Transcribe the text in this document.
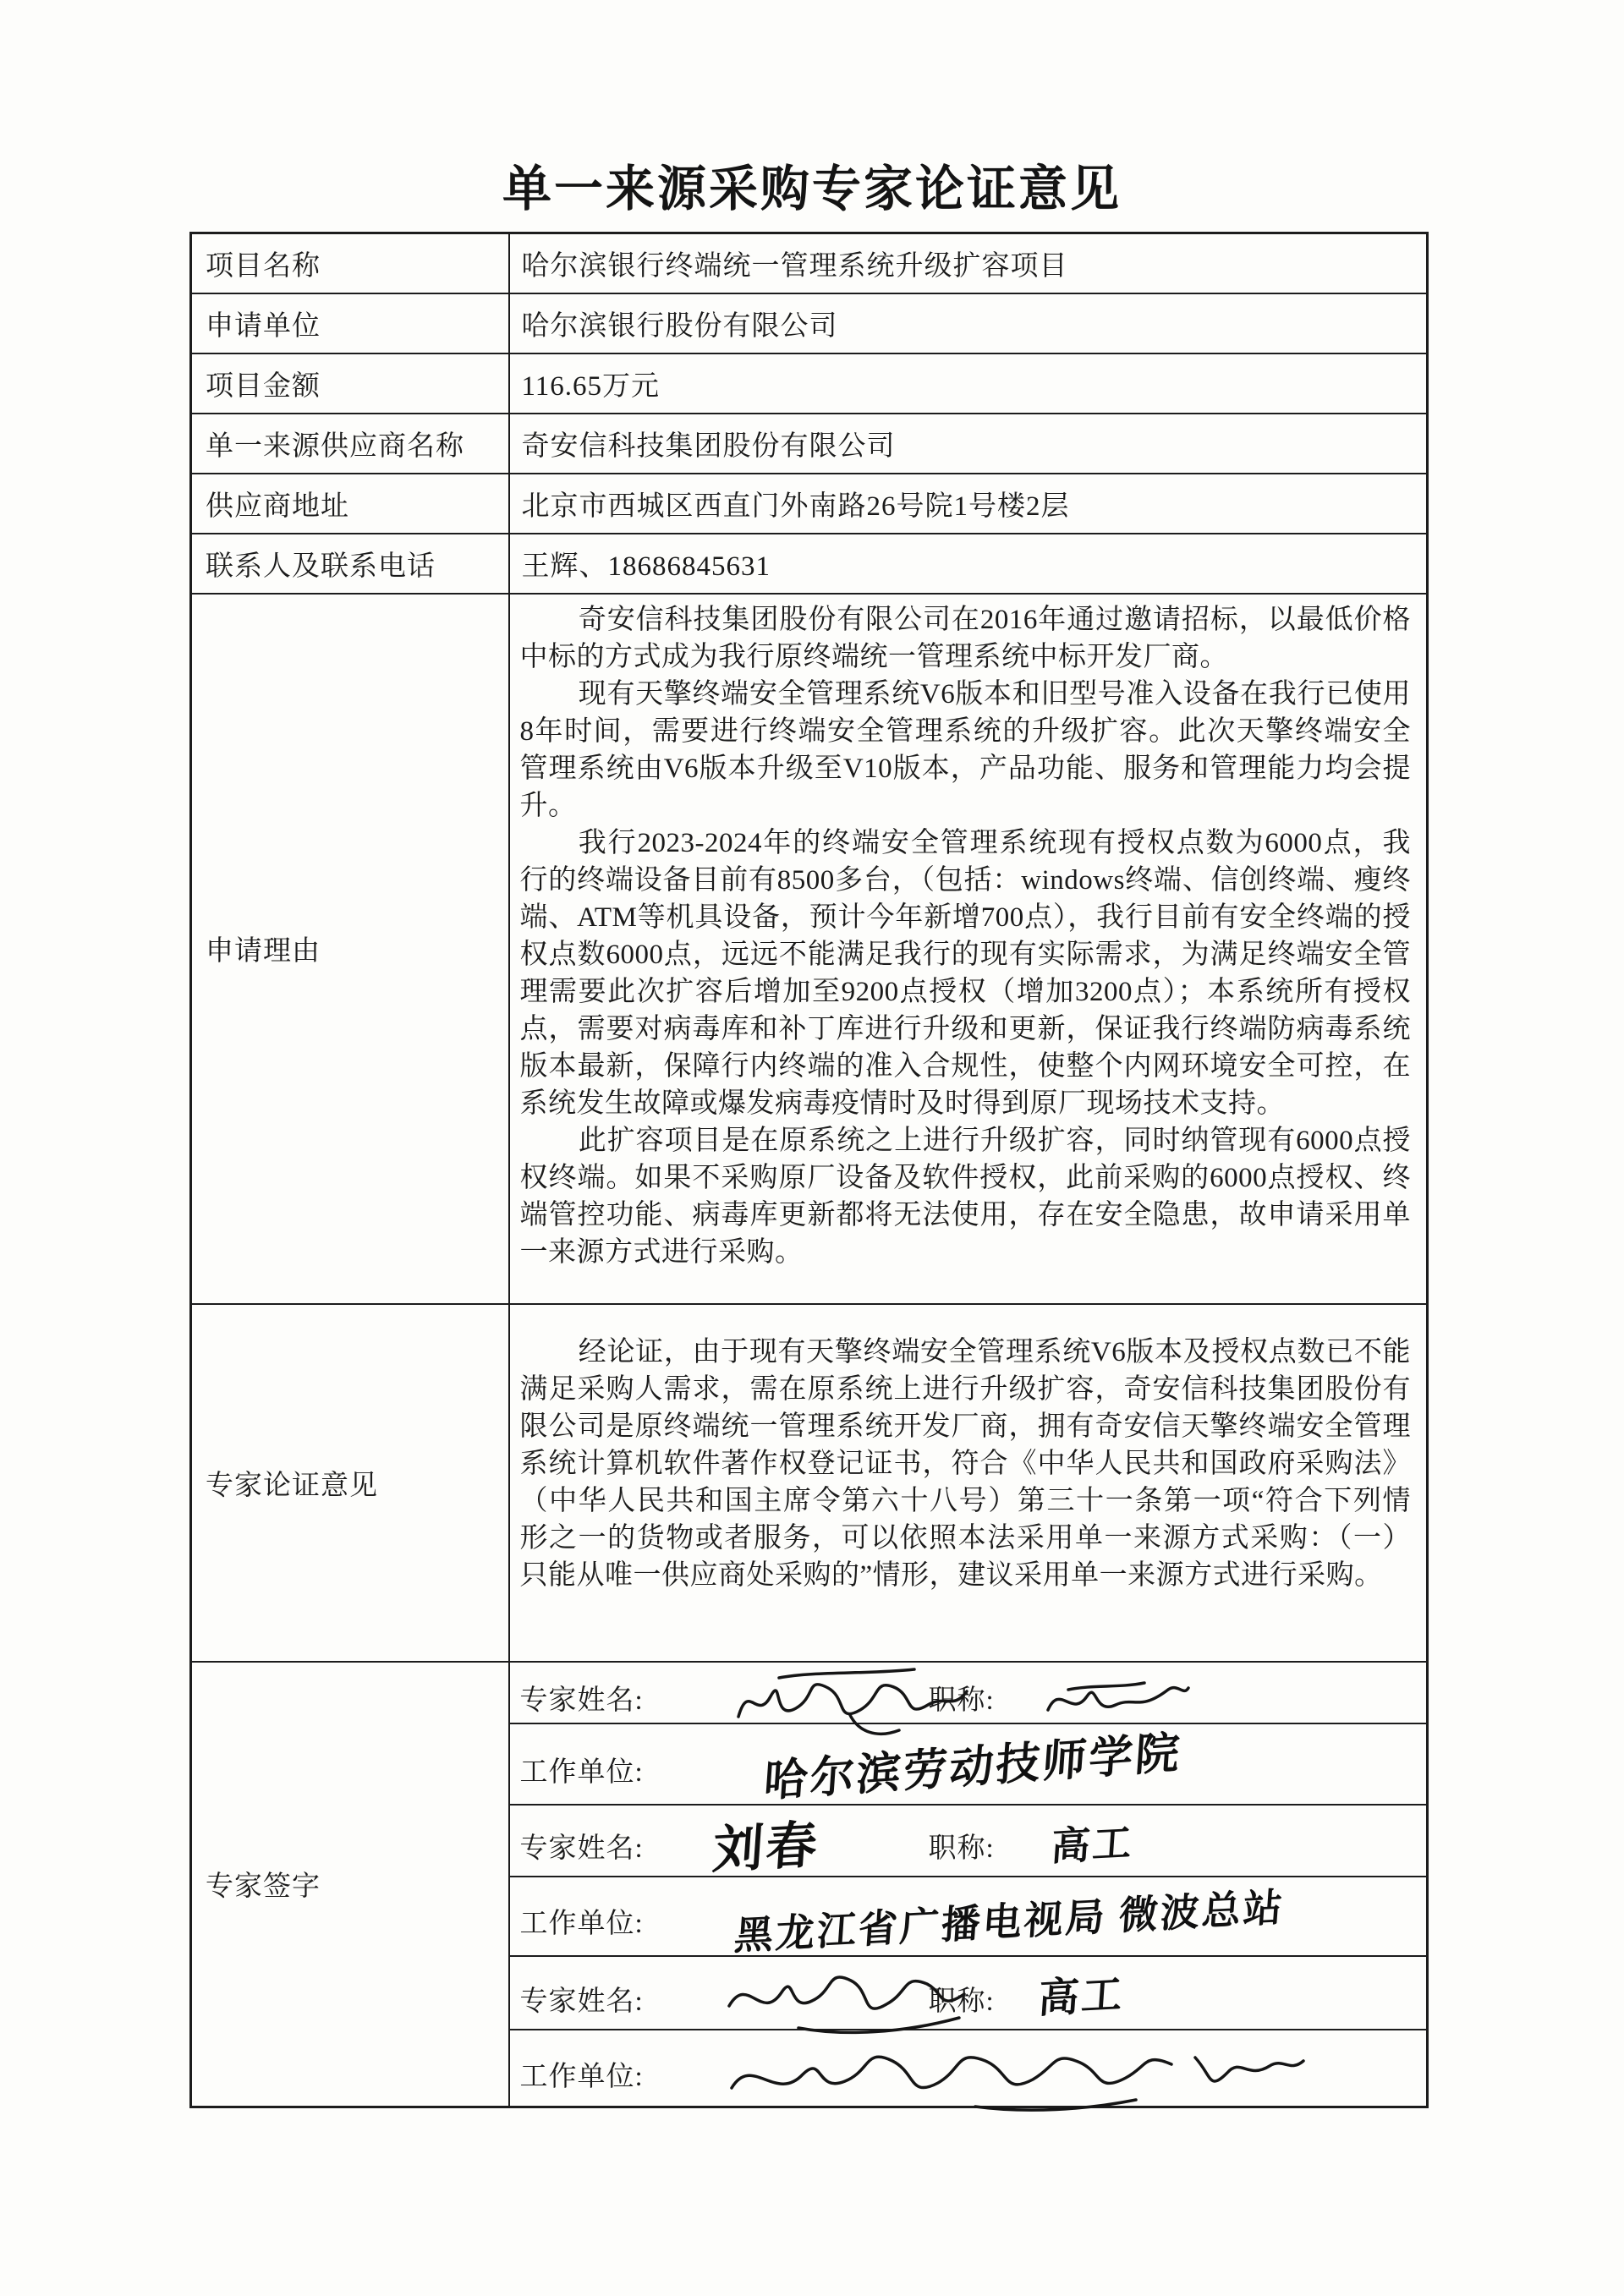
单一来源采购专家论证意见
项目名称	哈尔滨银行终端统一管理系统升级扩容项目
申请单位	哈尔滨银行股份有限公司
项目金额	116.65万元
单一来源供应商名称	奇安信科技集团股份有限公司
供应商地址	北京市西城区西直门外南路26号院1号楼2层
联系人及联系电话	王辉、18686845631
申请理由	奇安信科技集团股份有限公司在2016年通过邀请招标，以最低价格中标的方式成为我行原终端统一管理系统中标开发厂商。

现有天擎终端安全管理系统V6版本和旧型号准入设备在我行已使用8年时间，需要进行终端安全管理系统的升级扩容。此次天擎终端安全管理系统由V6版本升级至V10版本，产品功能、服务和管理能力均会提升。

我行2023-2024年的终端安全管理系统现有授权点数为6000点，我行的终端设备目前有8500多台，（包括：windows终端、信创终端、瘦终端、ATM等机具设备，预计今年新增700点），我行目前有安全终端的授权点数6000点，远远不能满足我行的现有实际需求，为满足终端安全管理需要此次扩容后增加至9200点授权（增加3200点）；本系统所有授权点，需要对病毒库和补丁库进行升级和更新，保证我行终端防病毒系统版本最新，保障行内终端的准入合规性，使整个内网环境安全可控，在系统发生故障或爆发病毒疫情时及时得到原厂现场技术支持。

此扩容项目是在原系统之上进行升级扩容，同时纳管现有6000点授权终端。如果不采购原厂设备及软件授权，此前采购的6000点授权、终端管控功能、病毒库更新都将无法使用，存在安全隐患，故申请采用单一来源方式进行采购。

专家论证意见	经论证，由于现有天擎终端安全管理系统V6版本及授权点数已不能满足采购人需求，需在原系统上进行升级扩容，奇安信科技集团股份有限公司是原终端统一管理系统开发厂商，拥有奇安信天擎终端安全管理系统计算机软件著作权登记证书，符合《中华人民共和国政府采购法》（中华人民共和国主席令第六十八号）第三十一条第一项“符合下列情形之一的货物或者服务，可以依照本法采用单一来源方式采购：（一）只能从唯一供应商处采购的”情形，建议采用单一来源方式进行采购。

专家签字	专家姓名: 职称:

	工作单位: 哈尔滨劳动技师学院

	专家姓名: 刘春 职称: 高工

	工作单位: 黑龙江省广播电视局 微波总站

	专家姓名: 职称: 高工

	工作单位:
